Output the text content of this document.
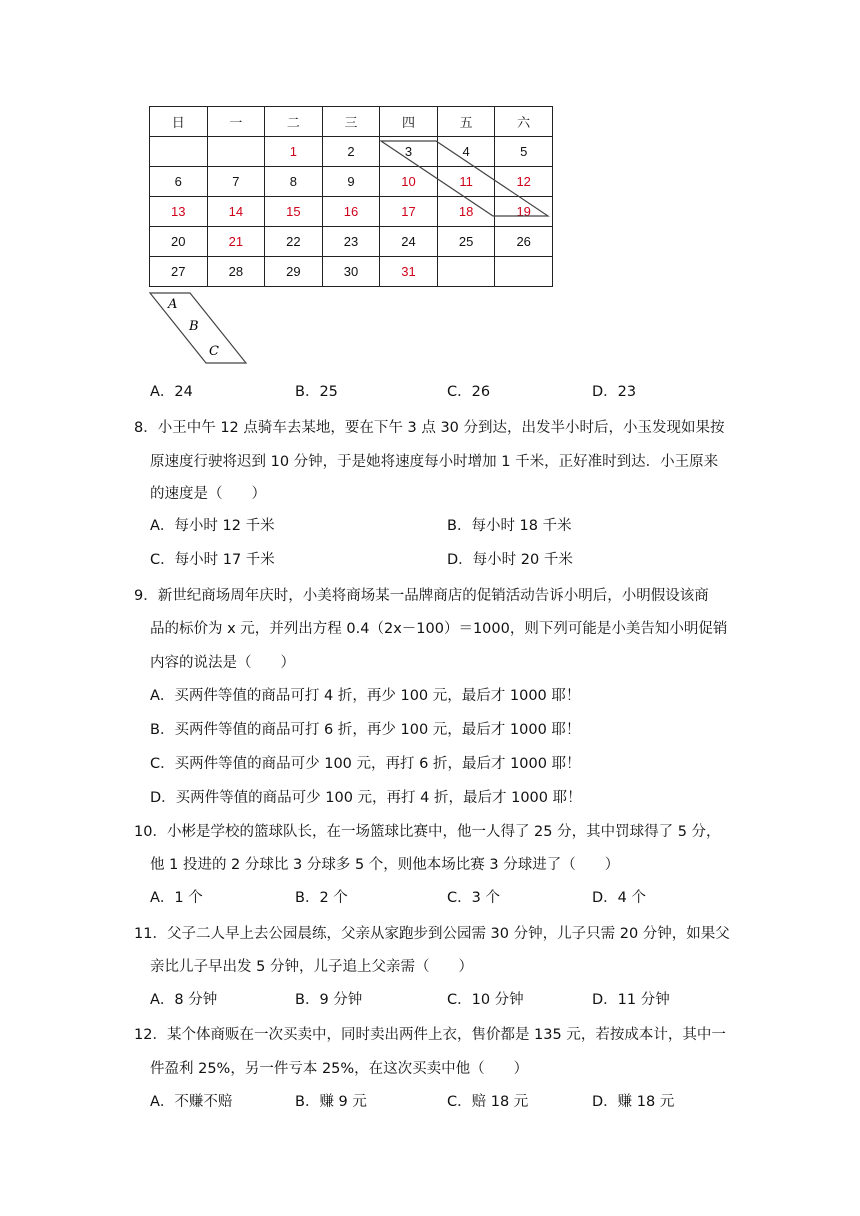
日	一	二	三	四	五	六
		1	2	3	4	5
6	7	8	9	10	11	12
13	14	15	16	17	18	19
20	21	22	23	24	25	26
27	28	29	30	31		
A
B
C
A．24	B．25	C．26	D．23
8．小王中午 12 点骑车去某地，要在下午 3 点 30 分到达，出发半小时后，小玉发现如果按
原速度行驶将迟到 10 分钟，于是她将速度每小时增加 1 千米，正好准时到达．小王原来
的速度是（　　）
A．每小时 12 千米	B．每小时 18 千米
C．每小时 17 千米	D．每小时 20 千米
9．新世纪商场周年庆时，小美将商场某一品牌商店的促销活动告诉小明后，小明假设该商
品的标价为 x 元，并列出方程 0.4（2x－100）＝1000，则下列可能是小美告知小明促销
内容的说法是（　　）
A．买两件等值的商品可打 4 折，再少 100 元，最后才 1000 耶！
B．买两件等值的商品可打 6 折，再少 100 元，最后才 1000 耶！
C．买两件等值的商品可少 100 元，再打 6 折，最后才 1000 耶！
D．买两件等值的商品可少 100 元，再打 4 折，最后才 1000 耶！
10．小彬是学校的篮球队长，在一场篮球比赛中，他一人得了 25 分，其中罚球得了 5 分，
他 1 投进的 2 分球比 3 分球多 5 个，则他本场比赛 3 分球进了（　　）
A．1 个	B．2 个	C．3 个	D．4 个
11．父子二人早上去公园晨练，父亲从家跑步到公园需 30 分钟，儿子只需 20 分钟，如果父
亲比儿子早出发 5 分钟，儿子追上父亲需（　　）
A．8 分钟	B．9 分钟	C．10 分钟	D．11 分钟
12．某个体商贩在一次买卖中，同时卖出两件上衣，售价都是 135 元，若按成本计，其中一
件盈利 25%，另一件亏本 25%，在这次买卖中他（　　）
A．不赚不赔	B．赚 9 元	C．赔 18 元	D．赚 18 元
